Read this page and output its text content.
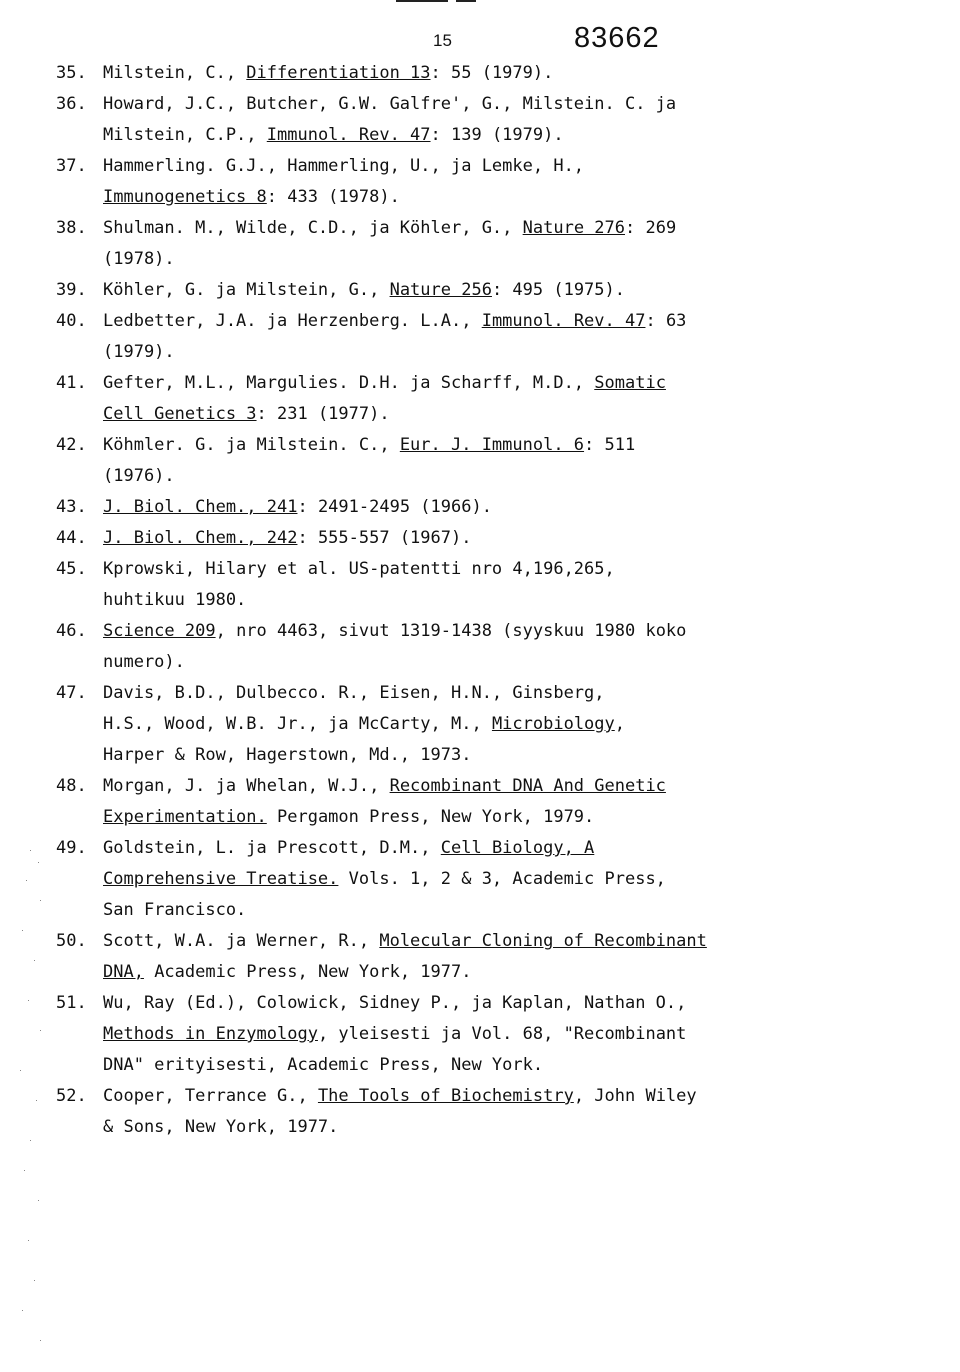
15	83662
35. Milstein, C., Differentiation 13: 55 (1979).
36. Howard, J.C., Butcher, G.W. Galfre', G., Milstein. C. ja
Milstein, C.P., Immunol. Rev. 47: 139 (1979).
37. Hammerling. G.J., Hammerling, U., ja Lemke, H.,
Immunogenetics 8: 433 (1978).
38. Shulman. M., Wilde, C.D., ja Köhler, G., Nature 276: 269
(1978).
39. Köhler, G. ja Milstein, G., Nature 256: 495 (1975).
40. Ledbetter, J.A. ja Herzenberg. L.A., Immunol. Rev. 47: 63
(1979).
41. Gefter, M.L., Margulies. D.H. ja Scharff, M.D., Somatic
Cell Genetics 3: 231 (1977).
42. Köhmler. G. ja Milstein. C., Eur. J. Immunol. 6: 511
(1976).
43. J. Biol. Chem., 241: 2491-2495 (1966).
44. J. Biol. Chem., 242: 555-557 (1967).
45. Kprowski, Hilary et al. US-patentti nro 4,196,265,
huhtikuu 1980.
46. Science 209, nro 4463, sivut 1319-1438 (syyskuu 1980 koko
numero).
47. Davis, B.D., Dulbecco. R., Eisen, H.N., Ginsberg,
H.S., Wood, W.B. Jr., ja McCarty, M., Microbiology,
Harper & Row, Hagerstown, Md., 1973.
48. Morgan, J. ja Whelan, W.J., Recombinant DNA And Genetic
Experimentation. Pergamon Press, New York, 1979.
49. Goldstein, L. ja Prescott, D.M., Cell Biology, A
Comprehensive Treatise. Vols. 1, 2 & 3, Academic Press,
San Francisco.
50. Scott, W.A. ja Werner, R., Molecular Cloning of Recombinant
DNA, Academic Press, New York, 1977.
51. Wu, Ray (Ed.), Colowick, Sidney P., ja Kaplan, Nathan O.,
Methods in Enzymology, yleisesti ja Vol. 68, "Recombinant
DNA" erityisesti, Academic Press, New York.
52. Cooper, Terrance G., The Tools of Biochemistry, John Wiley
& Sons, New York, 1977.
